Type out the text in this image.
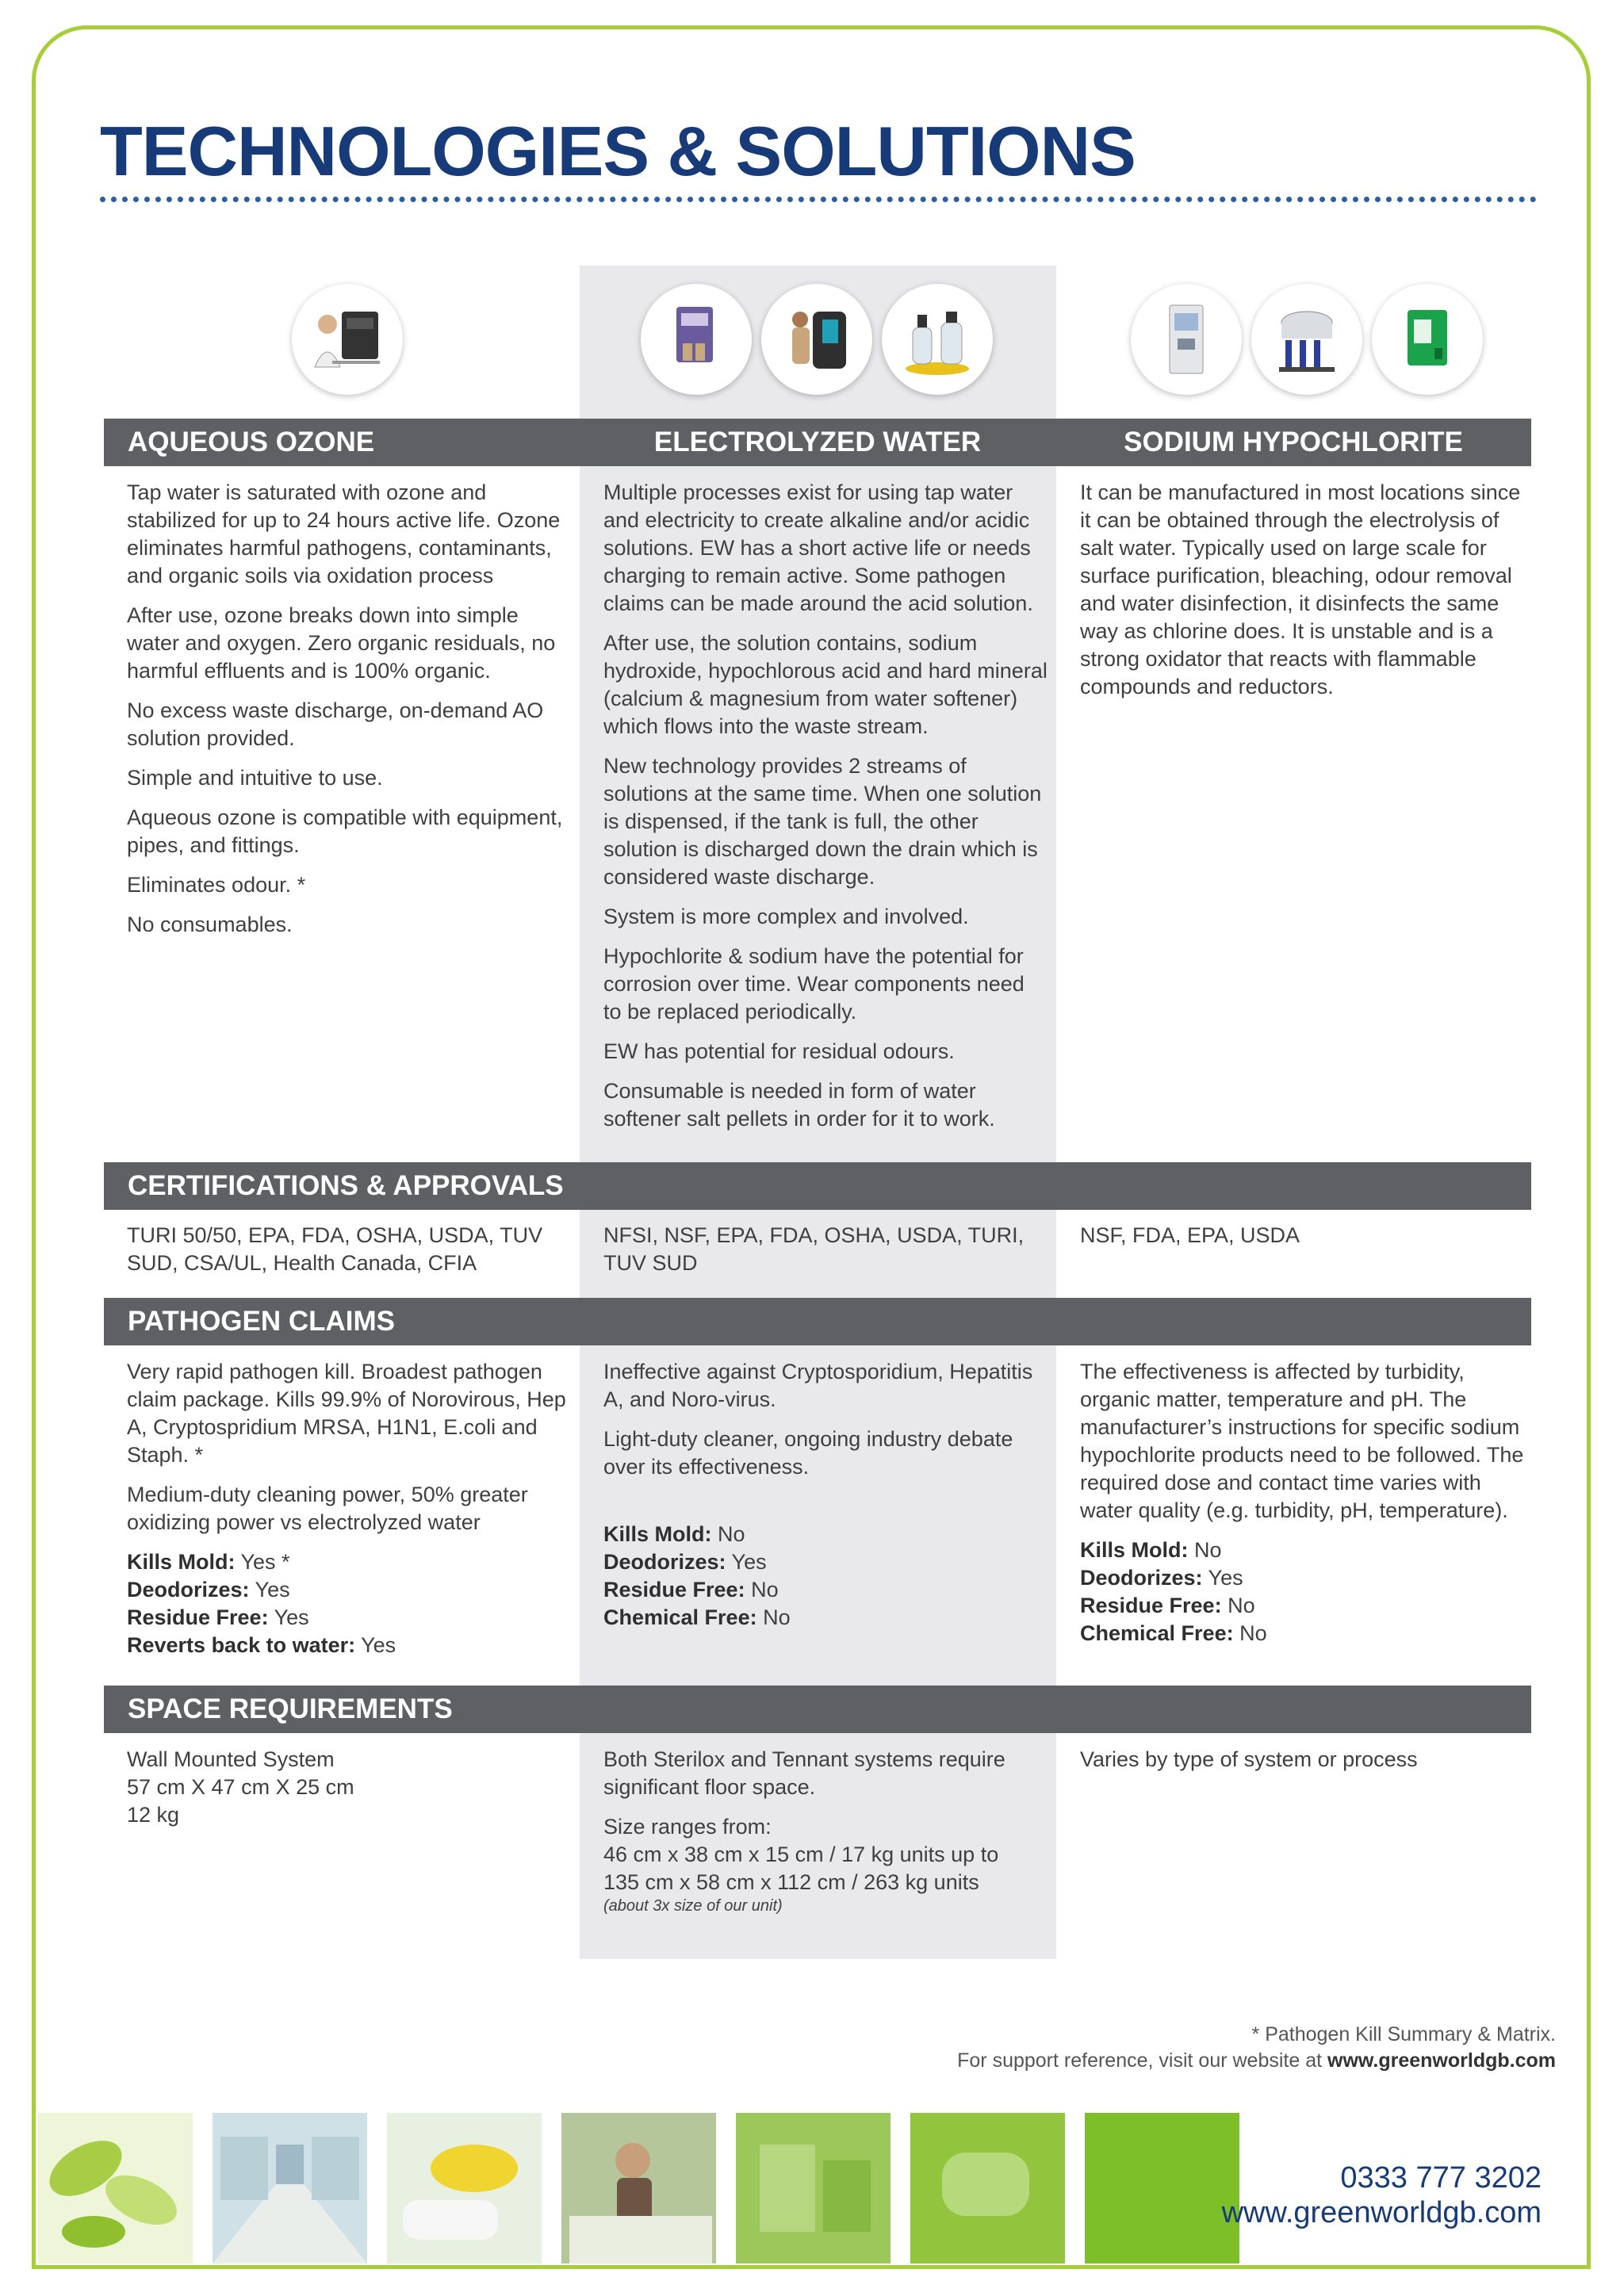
TECHNOLOGIES & SOLUTIONS
AQUEOUS OZONE	ELECTROLYZED WATER	SODIUM HYPOCHLORITE

Tap water is saturated with ozone and stabilized for up to 24 hours active life. Ozone eliminates harmful pathogens, contaminants, and organic soils via oxidation process

After use, ozone breaks down into simple water and oxygen. Zero organic residuals, no harmful effluents and is 100% organic.

No excess waste discharge, on-demand AO solution provided.

Simple and intuitive to use.

Aqueous ozone is compatible with equipment, pipes, and fittings.

Eliminates odour. *

No consumables.

Multiple processes exist for using tap water and electricity to create alkaline and/or acidic solutions. EW has a short active life or needs charging to remain active. Some pathogen claims can be made around the acid solution.

After use, the solution contains, sodium hydroxide, hypochlorous acid and hard mineral (calcium & magnesium from water softener) which flows into the waste stream.

New technology provides 2 streams of solutions at the same time. When one solution is dispensed, if the tank is full, the other solution is discharged down the drain which is considered waste discharge.

System is more complex and involved.

Hypochlorite & sodium have the potential for corrosion over time. Wear components need to be replaced periodically.

EW has potential for residual odours.

Consumable is needed in form of water softener salt pellets in order for it to work.

It can be manufactured in most locations since it can be obtained through the electrolysis of salt water. Typically used on large scale for surface purification, bleaching, odour removal and water disinfection, it disinfects the same way as chlorine does. It is unstable and is a strong oxidator that reacts with flammable compounds and reductors.

CERTIFICATIONS & APPROVALS

TURI 50/50, EPA, FDA, OSHA, USDA, TUV SUD, CSA/UL, Health Canada, CFIA

NFSI, NSF, EPA, FDA, OSHA, USDA, TURI, TUV SUD

NSF, FDA, EPA, USDA

PATHOGEN CLAIMS

Very rapid pathogen kill. Broadest pathogen claim package. Kills 99.9% of Norovirous, Hep A, Cryptospridium MRSA, H1N1, E.coli and Staph. *

Medium-duty cleaning power, 50% greater oxidizing power vs electrolyzed water

Kills Mold: Yes *
Deodorizes: Yes
Residue Free: Yes
Reverts back to water: Yes

Ineffective against Cryptosporidium, Hepatitis A, and Noro-virus.

Light-duty cleaner, ongoing industry debate over its effectiveness.

Kills Mold: No
Deodorizes: Yes
Residue Free: No
Chemical Free: No

The effectiveness is affected by turbidity, organic matter, temperature and pH. The manufacturer’s instructions for specific sodium hypochlorite products need to be followed. The required dose and contact time varies with water quality (e.g. turbidity, pH, temperature).

Kills Mold: No
Deodorizes: Yes
Residue Free: No
Chemical Free: No
SPACE REQUIREMENTS
Wall Mounted System
57 cm X 47 cm X 25 cm
12 kg

Both Sterilox and Tennant systems require significant floor space.

Size ranges from:
46 cm x 38 cm x 15 cm / 17 kg units up to
135 cm x 58 cm x 112 cm / 263 kg units
(about 3x size of our unit)
Varies by type of system or process
* Pathogen Kill Summary & Matrix.
For support reference, visit our website at www.greenworldgb.com
0333 777 3202
www.greenworldgb.com
